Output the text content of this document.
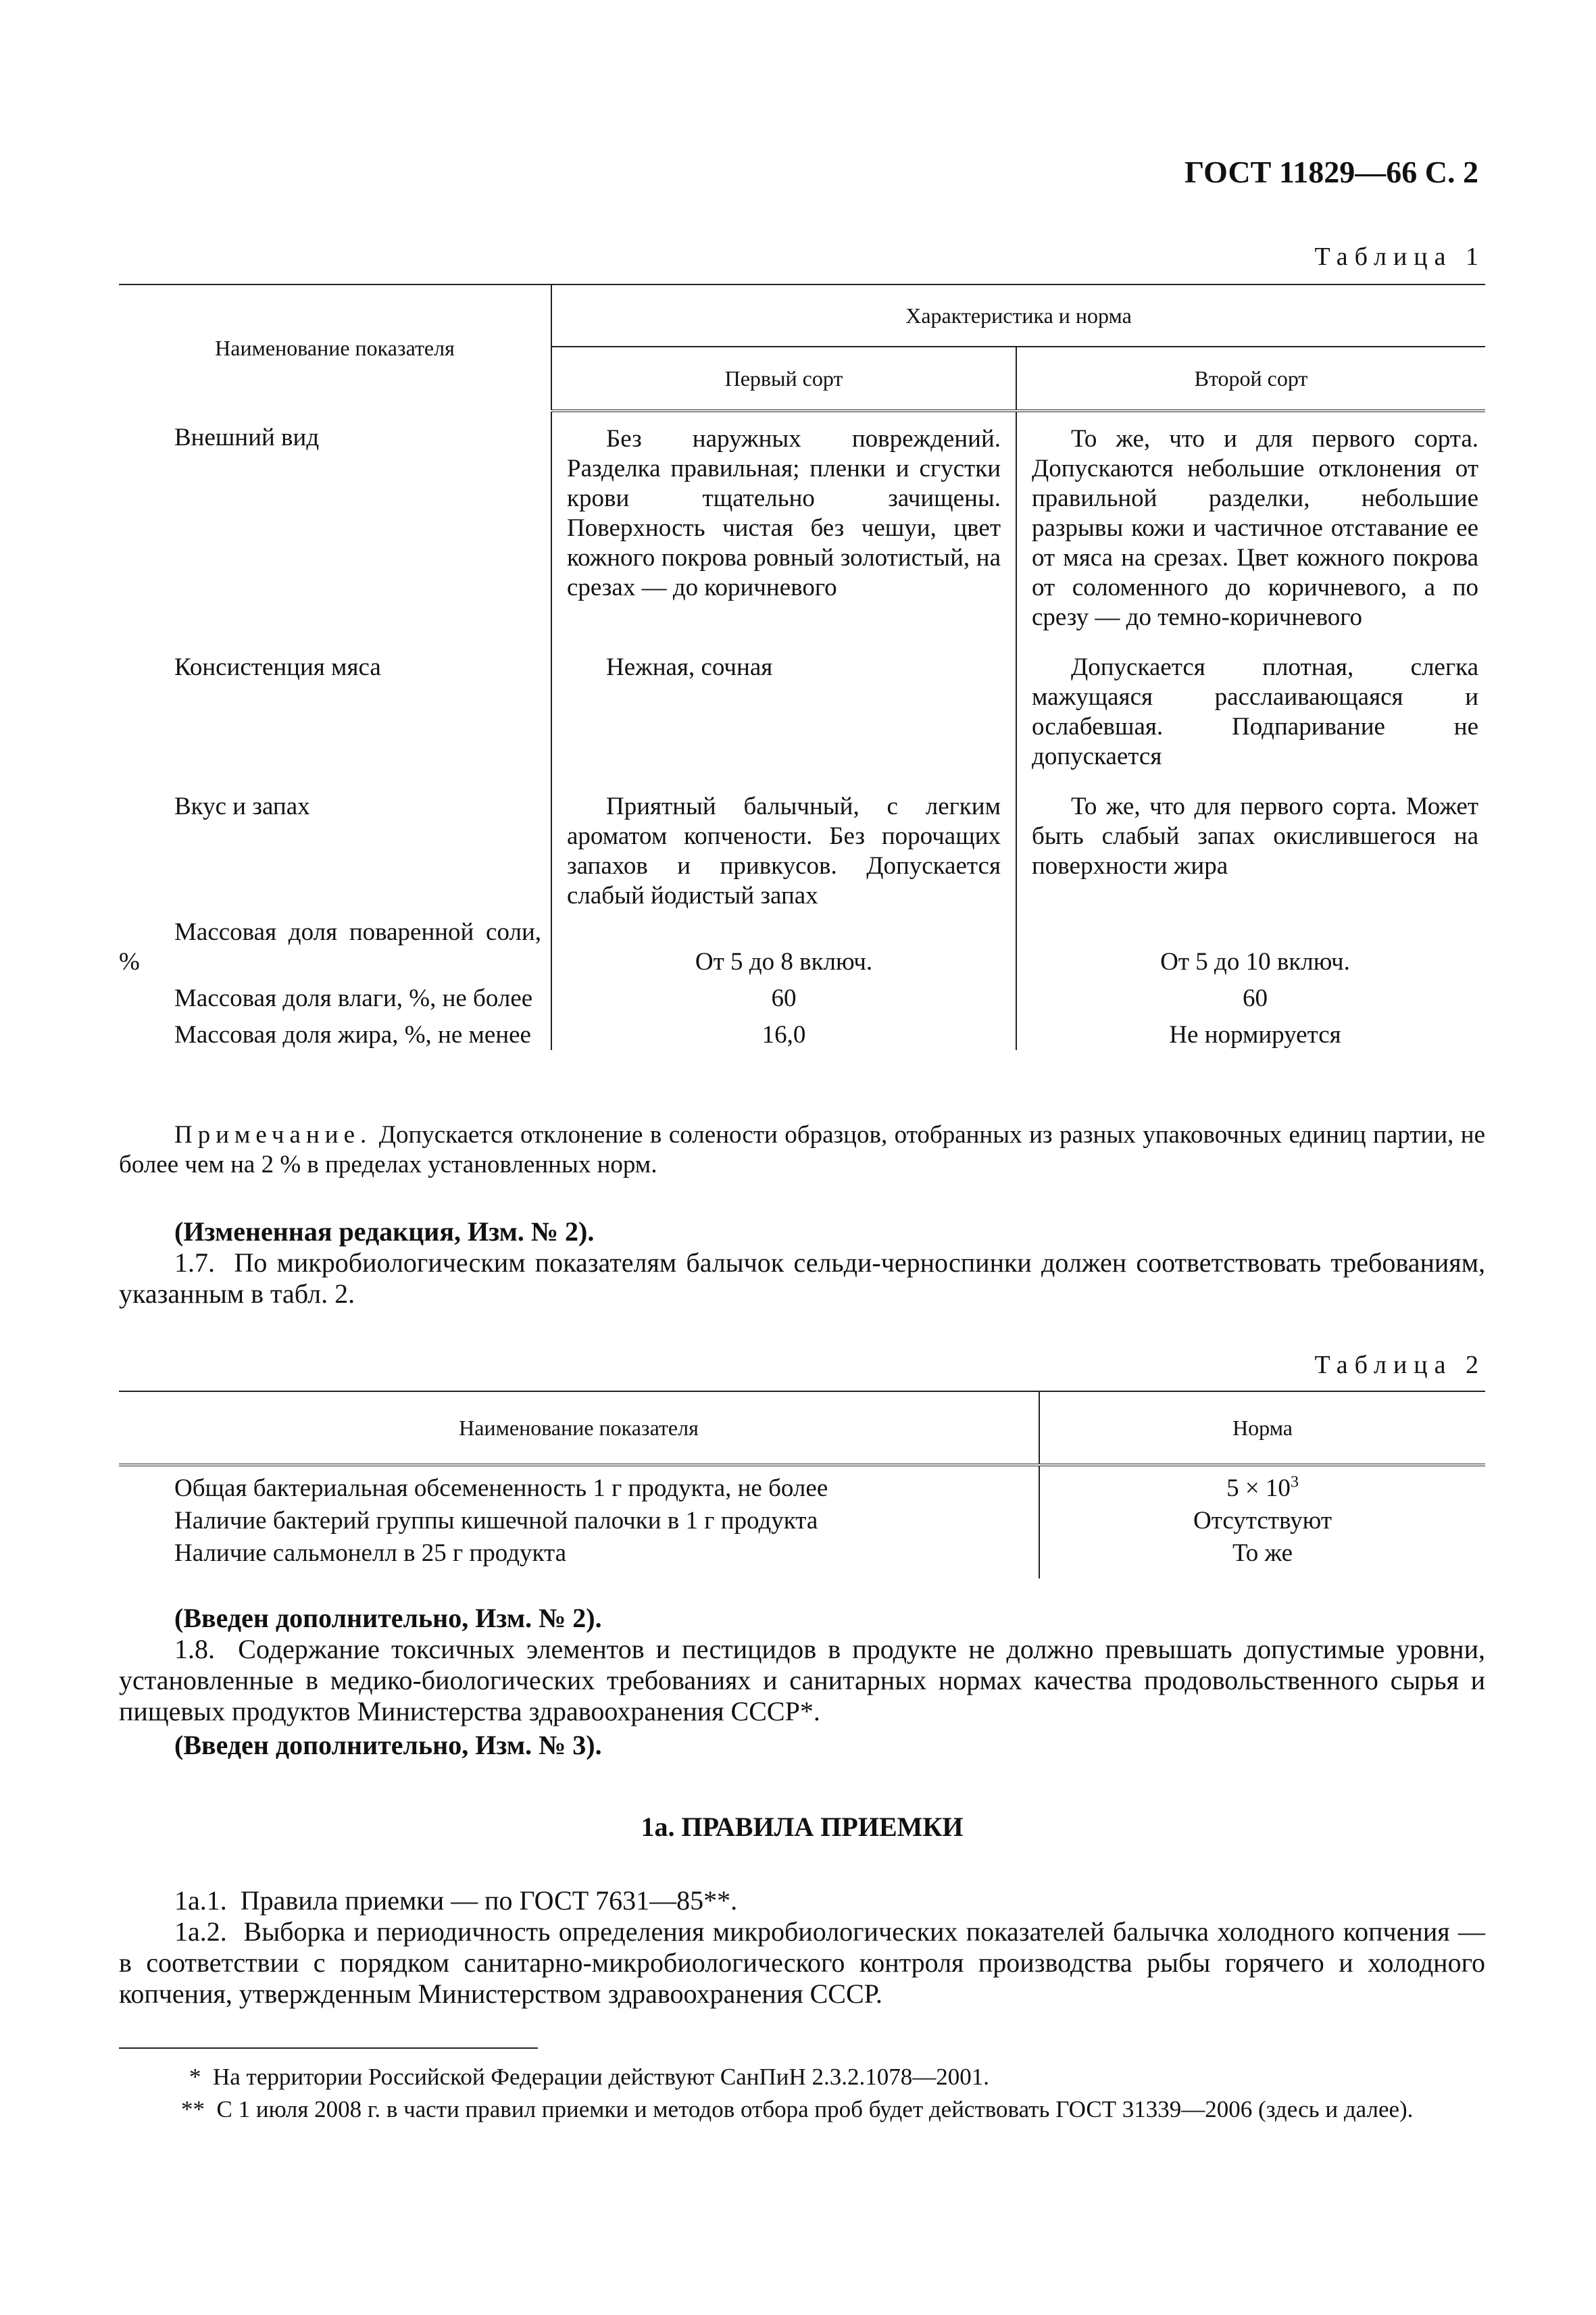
ГОСТ 11829—66 С. 2
Таблица 1
Наименование показателя	Характеристика и норма	
	Первый сорт	Второй сорт
Внешний вид	Без наружных повреждений. Разделка правильная; пленки и сгустки крови тщательно зачищены. Поверхность чистая без чешуи, цвет кожного покрова ровный золотистый, на срезах — до коричневого	То же, что и для первого сорта. Допускаются небольшие отклонения от правильной разделки, небольшие разрывы кожи и частичное отставание ее от мяса на срезах. Цвет кожного покрова от соломенного до коричневого, а по срезу — до темно-коричневого
Консистенция мяса	Нежная, сочная	Допускается плотная, слегка мажущаяся расслаивающаяся и ослабевшая. Подпаривание не допускается
Вкус и запах	Приятный балычный, с легким ароматом копчености. Без порочащих запахов и привкусов. Допускается слабый йодистый запах	То же, что для первого сорта. Может быть слабый запах окислившегося на поверхности жира

Массовая доля поваренной соли, %	От 5 до 8 включ.	От 5 до 10 включ.

Массовая доля влаги, %, не более	60	60

Массовая доля жира, %, не менее	16,0	Не нормируется
Примечание. Допускается отклонение в солености образцов, отобранных из разных упаковочных единиц партии, не более чем на 2 % в пределах установленных норм.
(Измененная редакция, Изм. № 2).
1.7. По микробиологическим показателям балычок сельди-черноспинки должен соответствовать требованиям, указанным в табл. 2.
Таблица 2
Наименование показателя	Норма
Общая бактериальная обсемененность 1 г продукта, не более	$5 \times 10^3$
Наличие бактерий группы кишечной палочки в 1 г продукта	Отсутствуют
Наличие сальмонелл в 25 г продукта	То же
(Введен дополнительно, Изм. № 2).
1.8. Содержание токсичных элементов и пестицидов в продукте не должно превышать допустимые уровни, установленные в медико-биологических требованиях и санитарных нормах качества продовольственного сырья и пищевых продуктов Министерства здравоохранения СССР*.
(Введен дополнительно, Изм. № 3).
1а. ПРАВИЛА ПРИЕМКИ
1а.1. Правила приемки — по ГОСТ 7631—85**.
1а.2. Выборка и периодичность определения микробиологических показателей балычка холодного копчения — в соответствии с порядком санитарно-микробиологического контроля производства рыбы горячего и холодного копчения, утвержденным Министерством здравоохранения СССР.
* На территории Российской Федерации действуют СанПиН 2.3.2.1078—2001.
** С 1 июля 2008 г. в части правил приемки и методов отбора проб будет действовать ГОСТ 31339—2006 (здесь и далее).
